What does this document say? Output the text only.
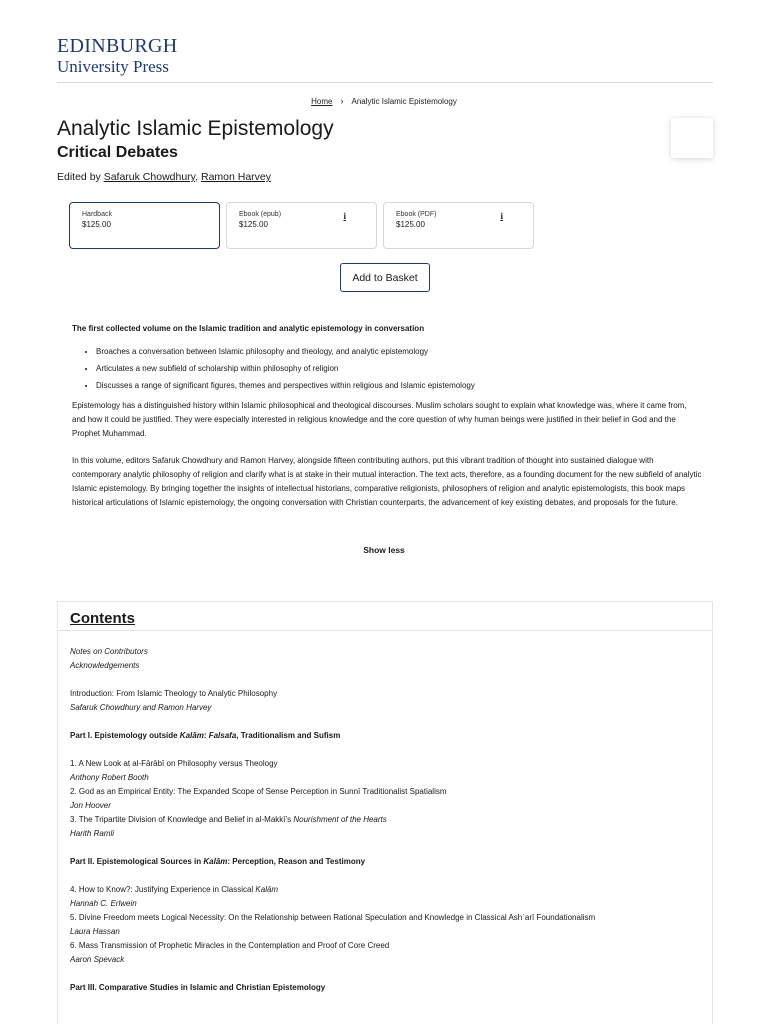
EDINBURGH
University Press
Home › Analytic Islamic Epistemology
Analytic Islamic Epistemology
Critical Debates
Edited by Safaruk Chowdhury, Ramon Harvey
Hardback
$125.00
Ebook (epub)
$125.00
i	Ebook (PDF)
$125.00
i
Add to Basket

The first collected volume on the Islamic tradition and analytic epistemology in conversation

• Broaches a conversation between Islamic philosophy and theology, and analytic epistemology
• Articulates a new subfield of scholarship within philosophy of religion
• Discusses a range of significant figures, themes and perspectives within religious and Islamic epistemology

Epistemology has a distinguished history within Islamic philosophical and theological discourses. Muslim scholars sought to explain what knowledge was, where it came from, and how it could be justified. They were especially interested in religious knowledge and the core question of why human beings were justified in their belief in God and the Prophet Muhammad.

In this volume, editors Safaruk Chowdhury and Ramon Harvey, alongside fifteen contributing authors, put this vibrant tradition of thought into sustained dialogue with contemporary analytic philosophy of religion and clarify what is at stake in their mutual interaction. The text acts, therefore, as a founding document for the new subfield of analytic Islamic epistemology. By bringing together the insights of intellectual historians, comparative religionists, philosophers of religion and analytic epistemologists, this book maps historical articulations of Islamic epistemology, the ongoing conversation with Christian counterparts, the advancement of key existing debates, and proposals for the future.

Show less
Contents
Notes on Contributors
Acknowledgements
Introduction: From Islamic Theology to Analytic Philosophy
Safaruk Chowdhury and Ramon Harvey
Part I. Epistemology outside Kalām: Falsafa, Traditionalism and Sufism
1. A New Look at al-Fārābī on Philosophy versus Theology
Anthony Robert Booth
2. God as an Empirical Entity: The Expanded Scope of Sense Perception in Sunnī Traditionalist Spatialism
Jon Hoover
3. The Tripartite Division of Knowledge and Belief in al-Makkī’s Nourishment of the Hearts
Harith Ramli
Part II. Epistemological Sources in Kalām: Perception, Reason and Testimony
4. How to Know?: Justifying Experience in Classical Kalām
Hannah C. Erlwein
5. Divine Freedom meets Logical Necessity: On the Relationship between Rational Speculation and Knowledge in Classical Ashʿarī Foundationalism
Laura Hassan
6. Mass Transmission of Prophetic Miracles in the Contemplation and Proof of Core Creed
Aaron Spevack
Part III. Comparative Studies in Islamic and Christian Epistemology
